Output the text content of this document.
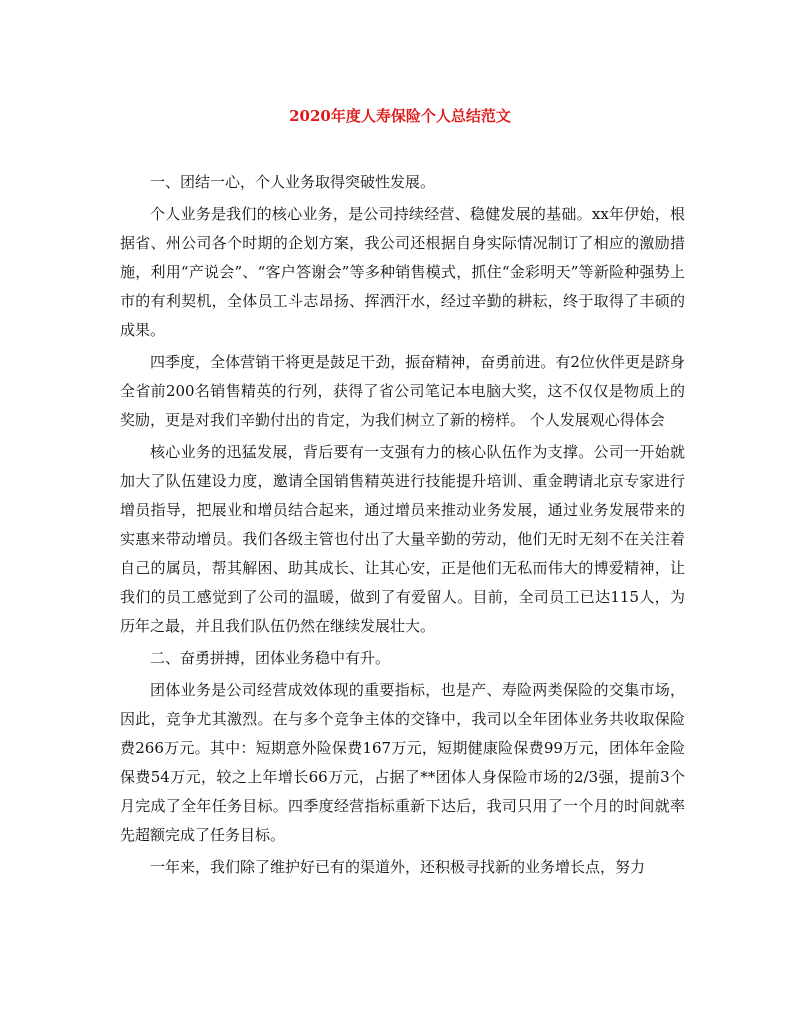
2020年度人寿保险个人总结范文

一、团结一心，个人业务取得突破性发展。

个人业务是我们的核心业务，是公司持续经营、稳健发展的基础。xx年伊始，根据省、州公司各个时期的企划方案，我公司还根据自身实际情况制订了相应的激励措施，利用“产说会”、“客户答谢会”等多种销售模式，抓住“金彩明天”等新险种强势上市的有利契机，全体员工斗志昂扬、挥洒汗水，经过辛勤的耕耘，终于取得了丰硕的成果。

四季度，全体营销干将更是鼓足干劲，振奋精神，奋勇前进。有2位伙伴更是跻身全省前200名销售精英的行列，获得了省公司笔记本电脑大奖，这不仅仅是物质上的奖励，更是对我们辛勤付出的肯定，为我们树立了新的榜样。 个人发展观心得体会

核心业务的迅猛发展，背后要有一支强有力的核心队伍作为支撑。公司一开始就加大了队伍建设力度，邀请全国销售精英进行技能提升培训、重金聘请北京专家进行增员指导，把展业和增员结合起来，通过增员来推动业务发展，通过业务发展带来的实惠来带动增员。我们各级主管也付出了大量辛勤的劳动，他们无时无刻不在关注着自己的属员，帮其解困、助其成长、让其心安，正是他们无私而伟大的博爱精神，让我们的员工感觉到了公司的温暖，做到了有爱留人。目前，全司员工已达115人，为历年之最，并且我们队伍仍然在继续发展壮大。

二、奋勇拼搏，团体业务稳中有升。

团体业务是公司经营成效体现的重要指标，也是产、寿险两类保险的交集市场，因此，竞争尤其激烈。在与多个竞争主体的交锋中，我司以全年团体业务共收取保险费266万元。其中：短期意外险保费167万元，短期健康险保费99万元，团体年金险保费54万元，较之上年增长66万元，占据了**团体人身保险市场的2/3强，提前3个月完成了全年任务目标。四季度经营指标重新下达后，我司只用了一个月的时间就率先超额完成了任务目标。

一年来，我们除了维护好已有的渠道外，还积极寻找新的业务增长点，努力
